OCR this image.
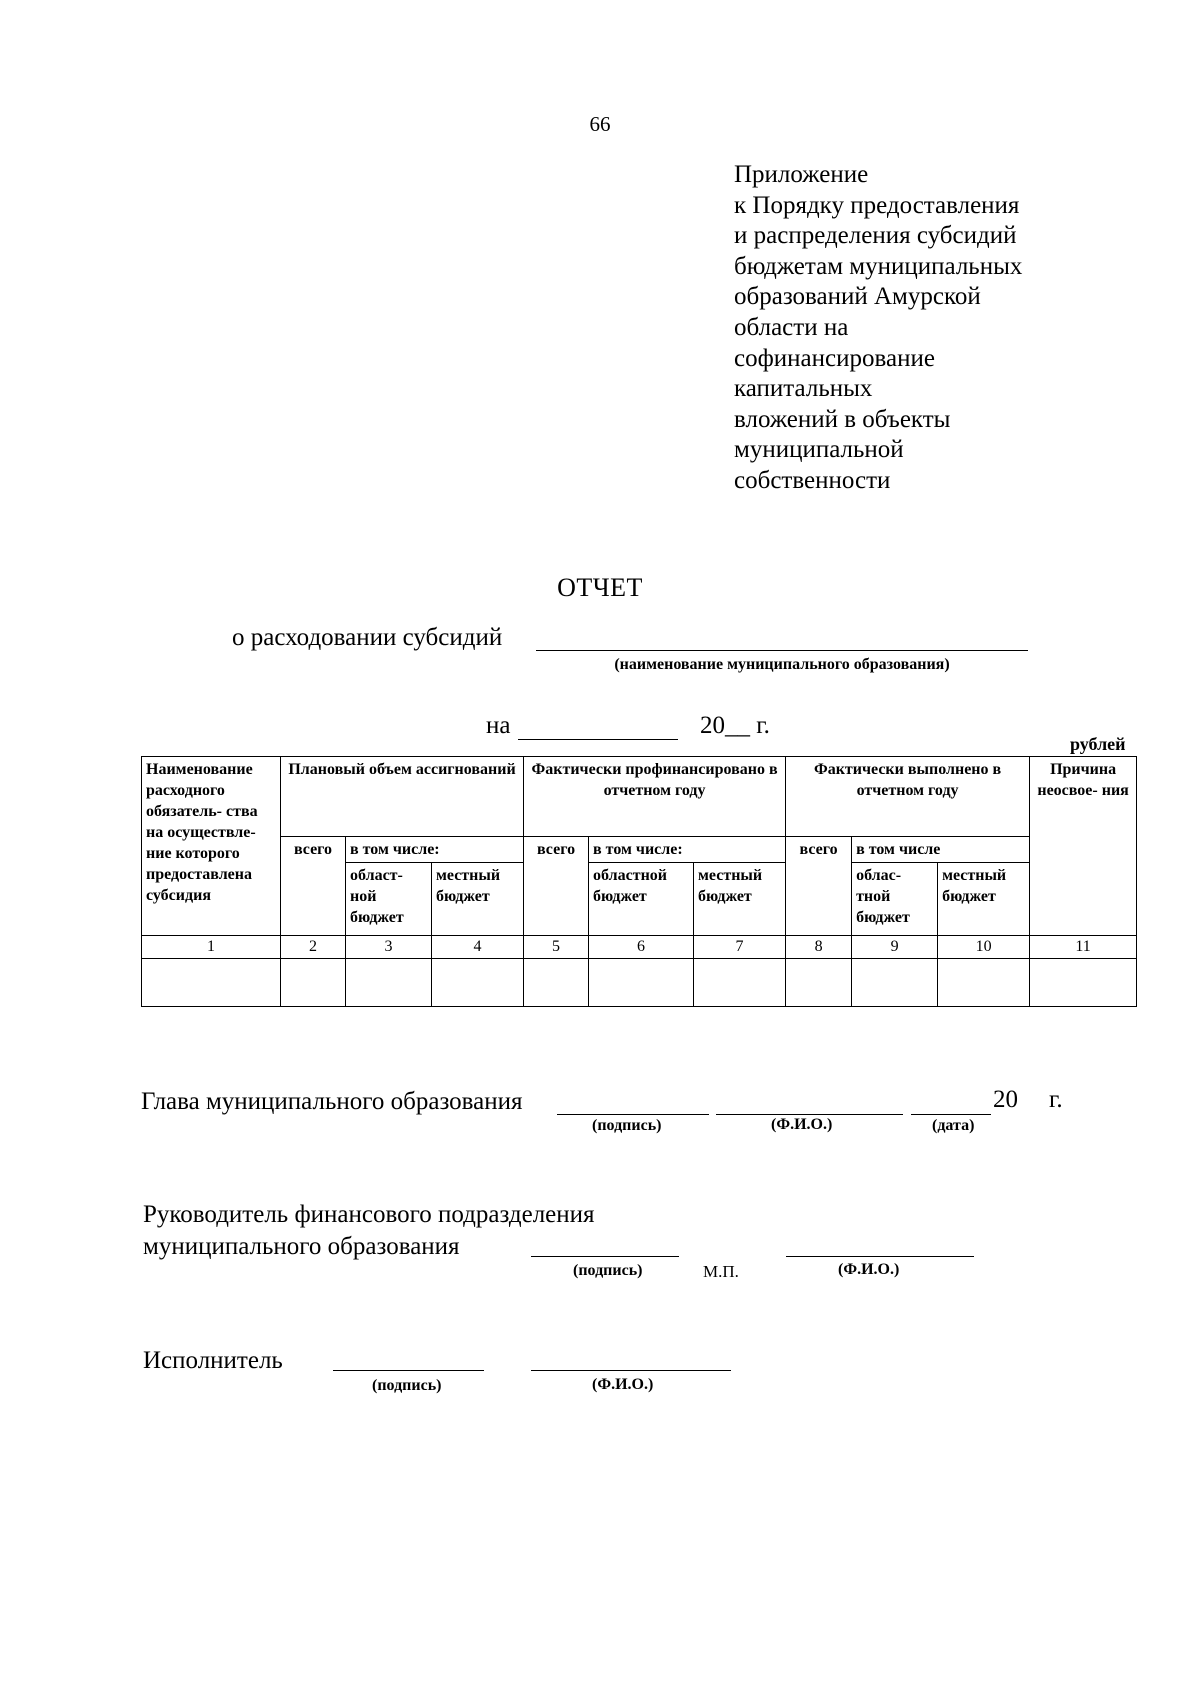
66
Приложение
к Порядку предоставления
и распределения субсидий
бюджетам муниципальных
образований Амурской
области на
софинансирование
капитальных
вложений в объекты
муниципальной
собственности
ОТЧЕТ
о расходовании субсидий
(наименование муниципального образования)
на	20__ г.
рублей
Наименование расходного обязатель- ства на осуществле- ние которого предоставлена субсидия	Плановый объем ассигнований			Фактически профинансировано в отчетном году			Фактически выполнено в отчетном году			Причина неосвое- ния
	всего	в том числе:		всего	в том числе:		всего	в том числе		
		област- ной бюджет	местный бюджет		областной бюджет	местный бюджет		облас- тной бюджет	местный бюджет	
1	2	3	4	5	6	7	8	9	10	11

Глава муниципального образования	20 г.
(подпись)	(Ф.И.О.)	(дата)
Руководитель финансового подразделения
муниципального образования
(подпись)	М.П.	(Ф.И.О.)
Исполнитель
(подпись)	(Ф.И.О.)
